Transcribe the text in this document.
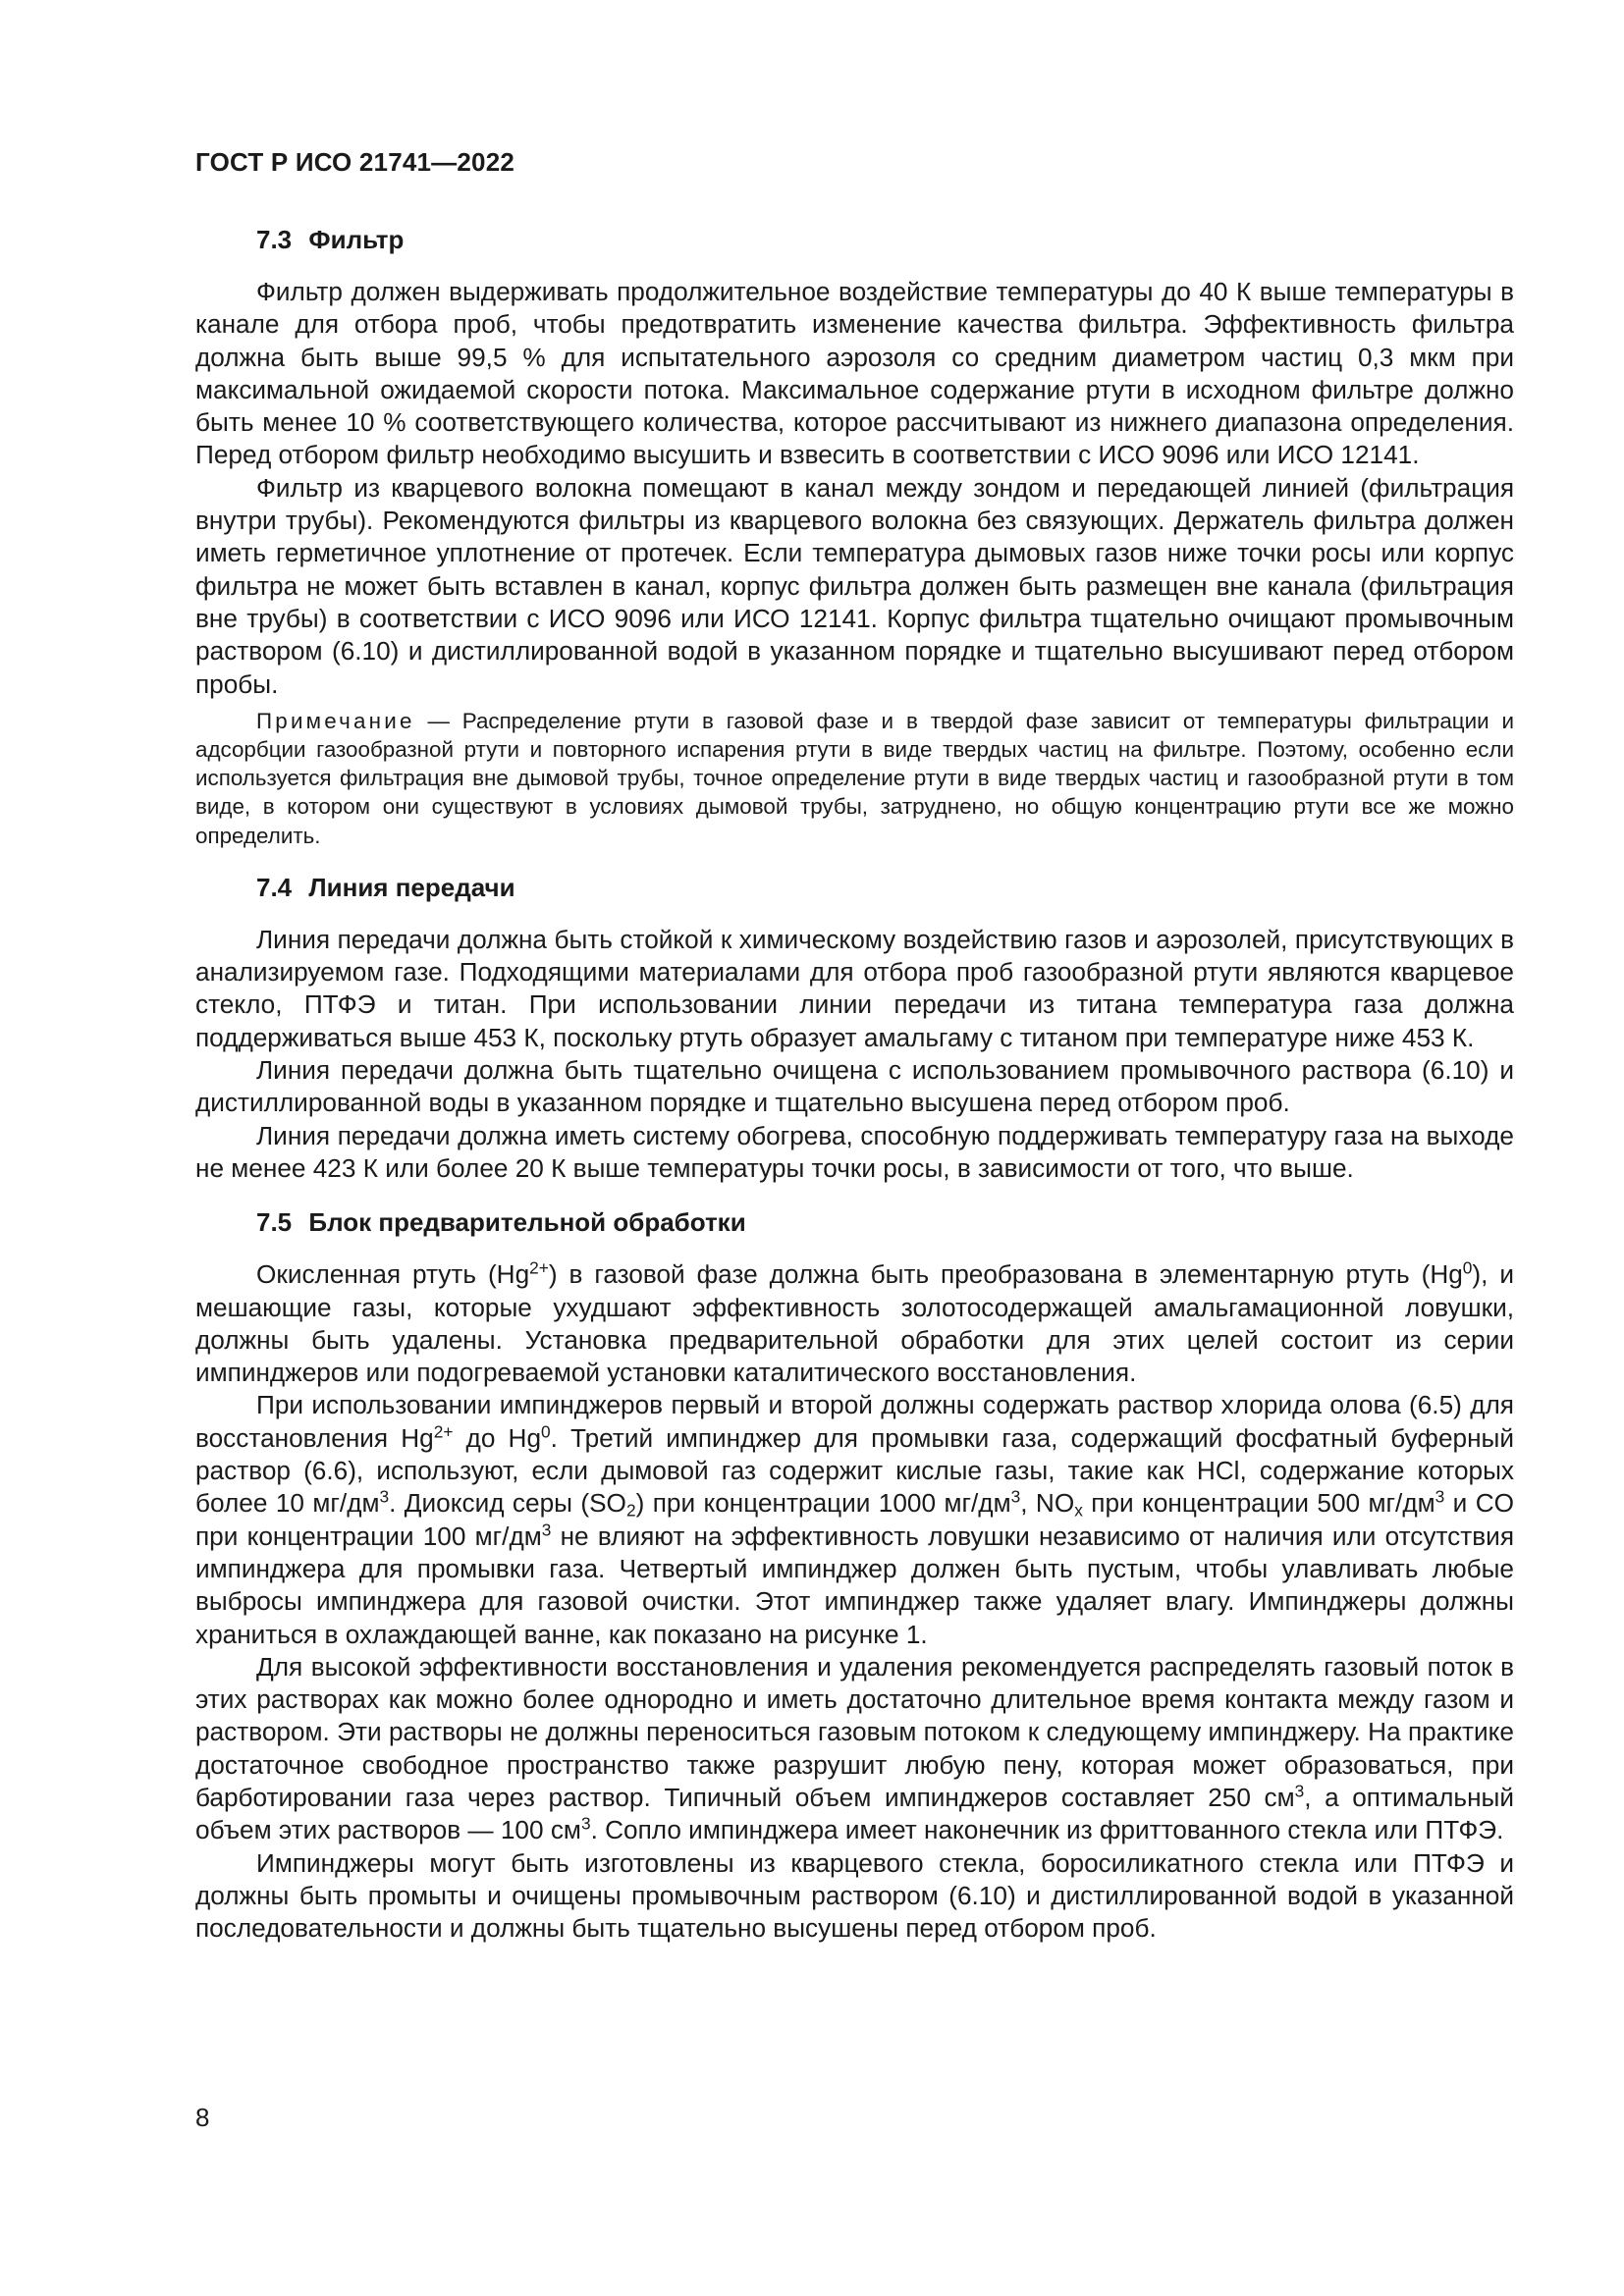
ГОСТ Р ИСО 21741—2022
7.3 Фильтр

Фильтр должен выдерживать продолжительное воздействие температуры до 40 К выше температуры в канале для отбора проб, чтобы предотвратить изменение качества фильтра. Эффективность фильтра должна быть выше 99,5 % для испытательного аэрозоля со средним диаметром частиц 0,3 мкм при максимальной ожидаемой скорости потока. Максимальное содержание ртути в исходном фильтре должно быть менее 10 % соответствующего количества, которое рассчитывают из нижнего диапазона определения. Перед отбором фильтр необходимо высушить и взвесить в соответствии с ИСО 9096 или ИСО 12141.

Фильтр из кварцевого волокна помещают в канал между зондом и передающей линией (фильтрация внутри трубы). Рекомендуются фильтры из кварцевого волокна без связующих. Держатель фильтра должен иметь герметичное уплотнение от протечек. Если температура дымовых газов ниже точки росы или корпус фильтра не может быть вставлен в канал, корпус фильтра должен быть размещен вне канала (фильтрация вне трубы) в соответствии с ИСО 9096 или ИСО 12141. Корпус фильтра тщательно очищают промывочным раствором (6.10) и дистиллированной водой в указанном порядке и тщательно высушивают перед отбором пробы.

Примечание — Распределение ртути в газовой фазе и в твердой фазе зависит от температуры фильтрации и адсорбции газообразной ртути и повторного испарения ртути в виде твердых частиц на фильтре. Поэтому, особенно если используется фильтрация вне дымовой трубы, точное определение ртути в виде твердых частиц и газообразной ртути в том виде, в котором они существуют в условиях дымовой трубы, затруднено, но общую концентрацию ртути все же можно определить.
7.4 Линия передачи

Линия передачи должна быть стойкой к химическому воздействию газов и аэрозолей, присутствующих в анализируемом газе. Подходящими материалами для отбора проб газообразной ртути являются кварцевое стекло, ПТФЭ и титан. При использовании линии передачи из титана температура газа должна поддерживаться выше 453 К, поскольку ртуть образует амальгаму с титаном при температуре ниже 453 К.

Линия передачи должна быть тщательно очищена с использованием промывочного раствора (6.10) и дистиллированной воды в указанном порядке и тщательно высушена перед отбором проб.

Линия передачи должна иметь систему обогрева, способную поддерживать температуру газа на выходе не менее 423 К или более 20 К выше температуры точки росы, в зависимости от того, что выше.

7.5 Блок предварительной обработки

Окисленная ртуть $(Hg^{2+})$ в газовой фазе должна быть преобразована в элементарную ртуть (Hg$^0$), и мешающие газы, которые ухудшают эффективность золотосодержащей амальгамационной ловушки, должны быть удалены. Установка предварительной обработки для этих целей состоит из серии импинджеров или подогреваемой установки каталитического восстановления.

При использовании импинджеров первый и второй должны содержать раствор хлорида олова (6.5) для восстановления $Hg^{2+}$ до Hg$^0$. Третий импинджер для промывки газа, содержащий фосфатный буферный раствор (6.6), используют, если дымовой газ содержит кислые газы, такие как HCl, содержание которых более 10 $мг/дм^3$. Диоксид серы $(SO_2)$ при концентрации 1000 $мг/дм^3$, $NO_x$ при концентрации 500 $мг/дм^3$ и CO при концентрации 100 $мг/дм^3$ не влияют на эффективность ловушки независимо от наличия или отсутствия импинджера для промывки газа. Четвертый импинджер должен быть пустым, чтобы улавливать любые выбросы импинджера для газовой очистки. Этот импинджер также удаляет влагу. Импинджеры должны храниться в охлаждающей ванне, как показано на рисунке 1.

Для высокой эффективности восстановления и удаления рекомендуется распределять газовый поток в этих растворах как можно более однородно и иметь достаточно длительное время контакта между газом и раствором. Эти растворы не должны переноситься газовым потоком к следующему импинджеру. На практике достаточное свободное пространство также разрушит любую пену, которая может образоваться, при барботировании газа через раствор. Типичный объем импинджеров составляет 250 $см^3$, а оптимальный объем этих растворов — 100 $см^3$. Сопло импинджера имеет наконечник из фриттованного стекла или ПТФЭ.

Импинджеры могут быть изготовлены из кварцевого стекла, боросиликатного стекла или ПТФЭ и должны быть промыты и очищены промывочным раствором (6.10) и дистиллированной водой в указанной последовательности и должны быть тщательно высушены перед отбором проб.

8
